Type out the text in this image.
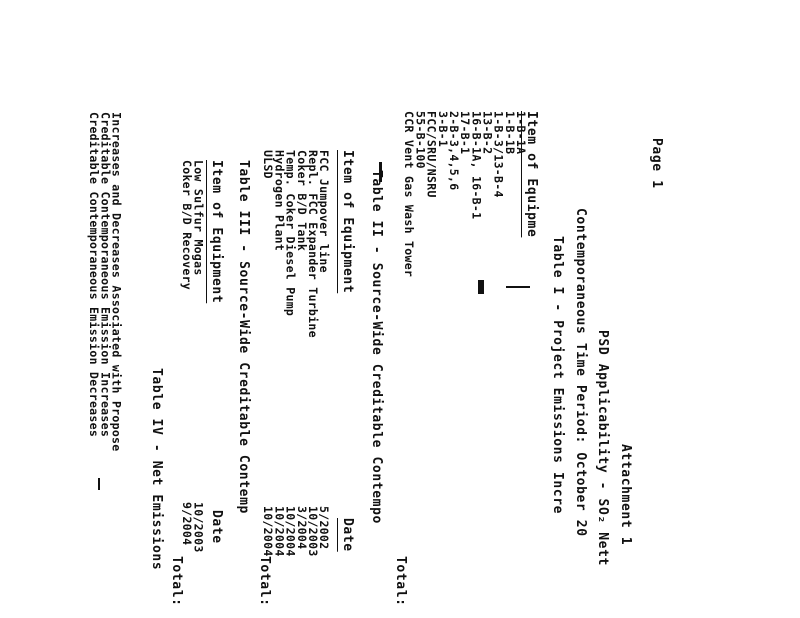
Page 1
Attachment 1
PSD Applicability - SO₂ Nett
Contemporaneous Time Period: October 20
Table I - Project Emissions Incre
Item of Equipme
1-B-1A
1-B-1B
1-B-3/13-B-4
13-B-2
16-B-1A, 16-B-1
17-B-1
2-B-3,4,5,6
3-B-1
FCC/SRU/NSRU
55-B-100
CCR Vent Gas Wash Tower
Total:
Table II - Source-Wide Creditable Contempo
Item of Equipment
Date
FCC Jumpover line
Repl. FCC Expander Turbine
Coker B/D Tank
Temp. Coker Diesel Pump
Hydrogen Plant
ULSD
5/2002
10/2003
3/2004
10/2004
10/2004
10/2004
Total:
Table III - Source-Wide Creditable Contemp
Item of Equipment
Date
Low Sulfur Mogas
Coker B/D Recovery
10/2003
9/2004
Total:
Table IV - Net Emissions
Increases and Decreases Associated with Propose
Creditable Contemporaneous Emission Increases
Creditable Contemporaneous Emission Decreases
